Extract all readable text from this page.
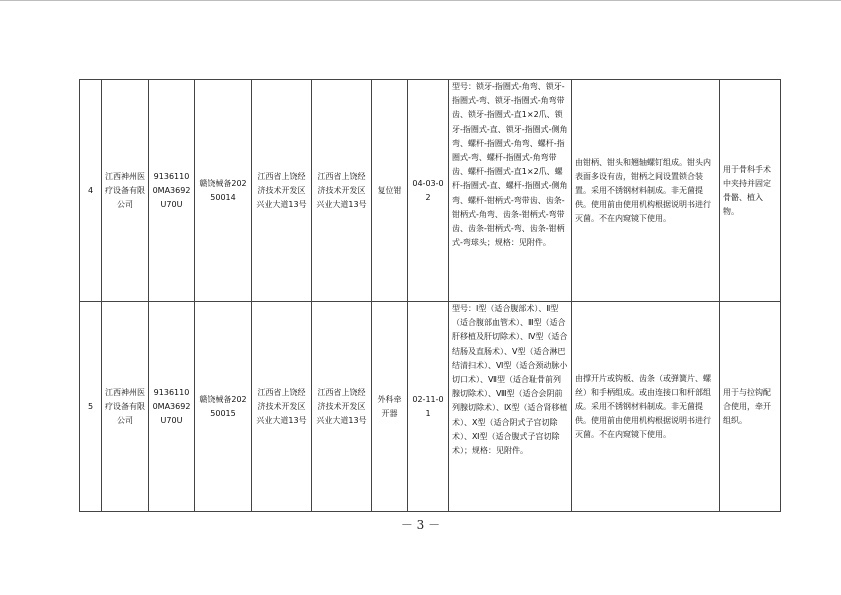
4	江西神州医疗设备有限公司	91361100MA3692U70U	赣饶械备20250014	江西省上饶经济技术开发区兴业大道13号	江西省上饶经济技术开发区兴业大道13号	复位钳	04-03-02	型号：锁牙-指圈式-角弯、锁牙-指圈式-弯、锁牙-指圈式-角弯带齿、锁牙-指圈式-直1×2爪、锁牙-指圈式-直、锁牙-指圈式-侧角弯、螺杆-指圈式-角弯、螺杆-指圈式-弯、螺杆-指圈式-角弯带齿、螺杆-指圈式-直1×2爪、螺杆-指圈式-直、螺杆-指圈式-侧角弯、螺杆-钳柄式-弯带齿、齿条-钳柄式-角弯、齿条-钳柄式-弯带齿、齿条-钳柄式-弯、齿条-钳柄式-弯球头；规格：见附件。	由钳柄、钳头和翘轴螺钉组成。钳头内表面多设有齿，钳柄之间设置锁合装置。采用不锈钢材料制成。非无菌提供。使用前由使用机构根据说明书进行灭菌。不在内窥镜下使用。	用于骨科手术中夹持并固定骨骼、植入物。
5	江西神州医疗设备有限公司	91361100MA3692U70U	赣饶械备20250015	江西省上饶经济技术开发区兴业大道13号	江西省上饶经济技术开发区兴业大道13号	外科牵开器	02-11-01	型号：Ⅰ型（适合腹部术）、Ⅱ型（适合腹部血管术）、Ⅲ型（适合肝移植及肝切除术）、Ⅳ型（适合结肠及直肠术）、Ⅴ型（适合淋巴结清扫术）、Ⅵ型（适合颈动脉小切口术）、Ⅶ型（适合耻骨前列腺切除术）、Ⅷ型（适合会阴前列腺切除术）、Ⅸ型（适合肾移植术）、Ⅹ型（适合阴式子宫切除术）、Ⅺ型（适合腹式子宫切除术）；规格：见附件。	由撑开片或钩板、齿条（或弹簧片、螺丝）和手柄组成。或由连接口和杆部组成。采用不锈钢材料制成。非无菌提供。使用前由使用机构根据说明书进行灭菌。不在内窥镜下使用。	用于与拉钩配合使用，牵开组织。
－ 3 －
